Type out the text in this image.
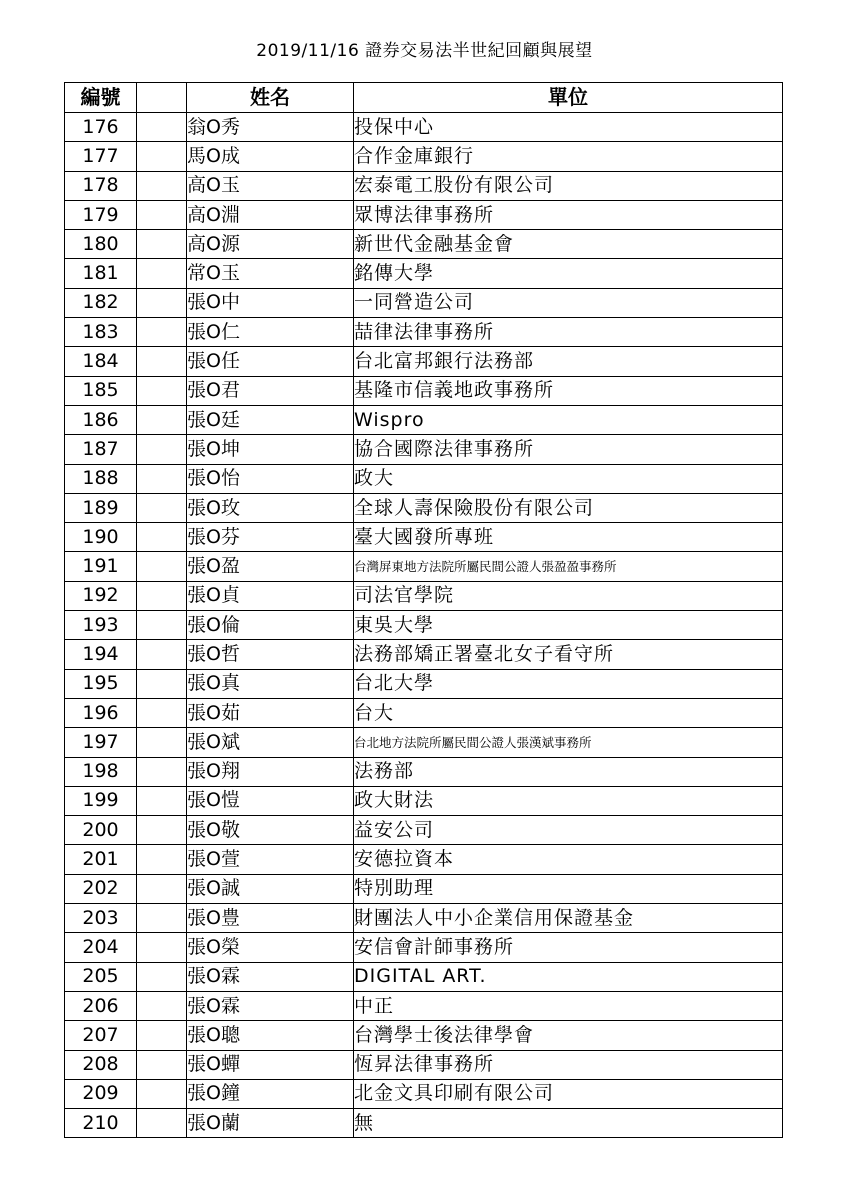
2019/11/16 證券交易法半世紀回顧與展望
編號		姓名	單位
176		翁O秀	投保中心
177		馬O成	合作金庫銀行
178		高O玉	宏泰電工股份有限公司
179		高O淵	眾博法律事務所
180		高O源	新世代金融基金會
181		常O玉	銘傳大學
182		張O中	一同營造公司
183		張O仁	喆律法律事務所
184		張O任	台北富邦銀行法務部
185		張O君	基隆市信義地政事務所
186		張O廷	Wispro
187		張O坤	協合國際法律事務所
188		張O怡	政大
189		張O玫	全球人壽保險股份有限公司
190		張O芬	臺大國發所專班
191		張O盈	台灣屏東地方法院所屬民間公證人張盈盈事務所
192		張O貞	司法官學院
193		張O倫	東吳大學
194		張O哲	法務部矯正署臺北女子看守所
195		張O真	台北大學
196		張O茹	台大
197		張O斌	台北地方法院所屬民間公證人張漢斌事務所
198		張O翔	法務部
199		張O愷	政大財法
200		張O敬	益安公司
201		張O萱	安德拉資本
202		張O誠	特別助理
203		張O豊	財團法人中小企業信用保證基金
204		張O榮	安信會計師事務所
205		張O霖	DIGITAL ART.
206		張O霖	中正
207		張O聰	台灣學士後法律學會
208		張O蟬	恆昇法律事務所
209		張O鐘	北金文具印刷有限公司
210		張O蘭	無
